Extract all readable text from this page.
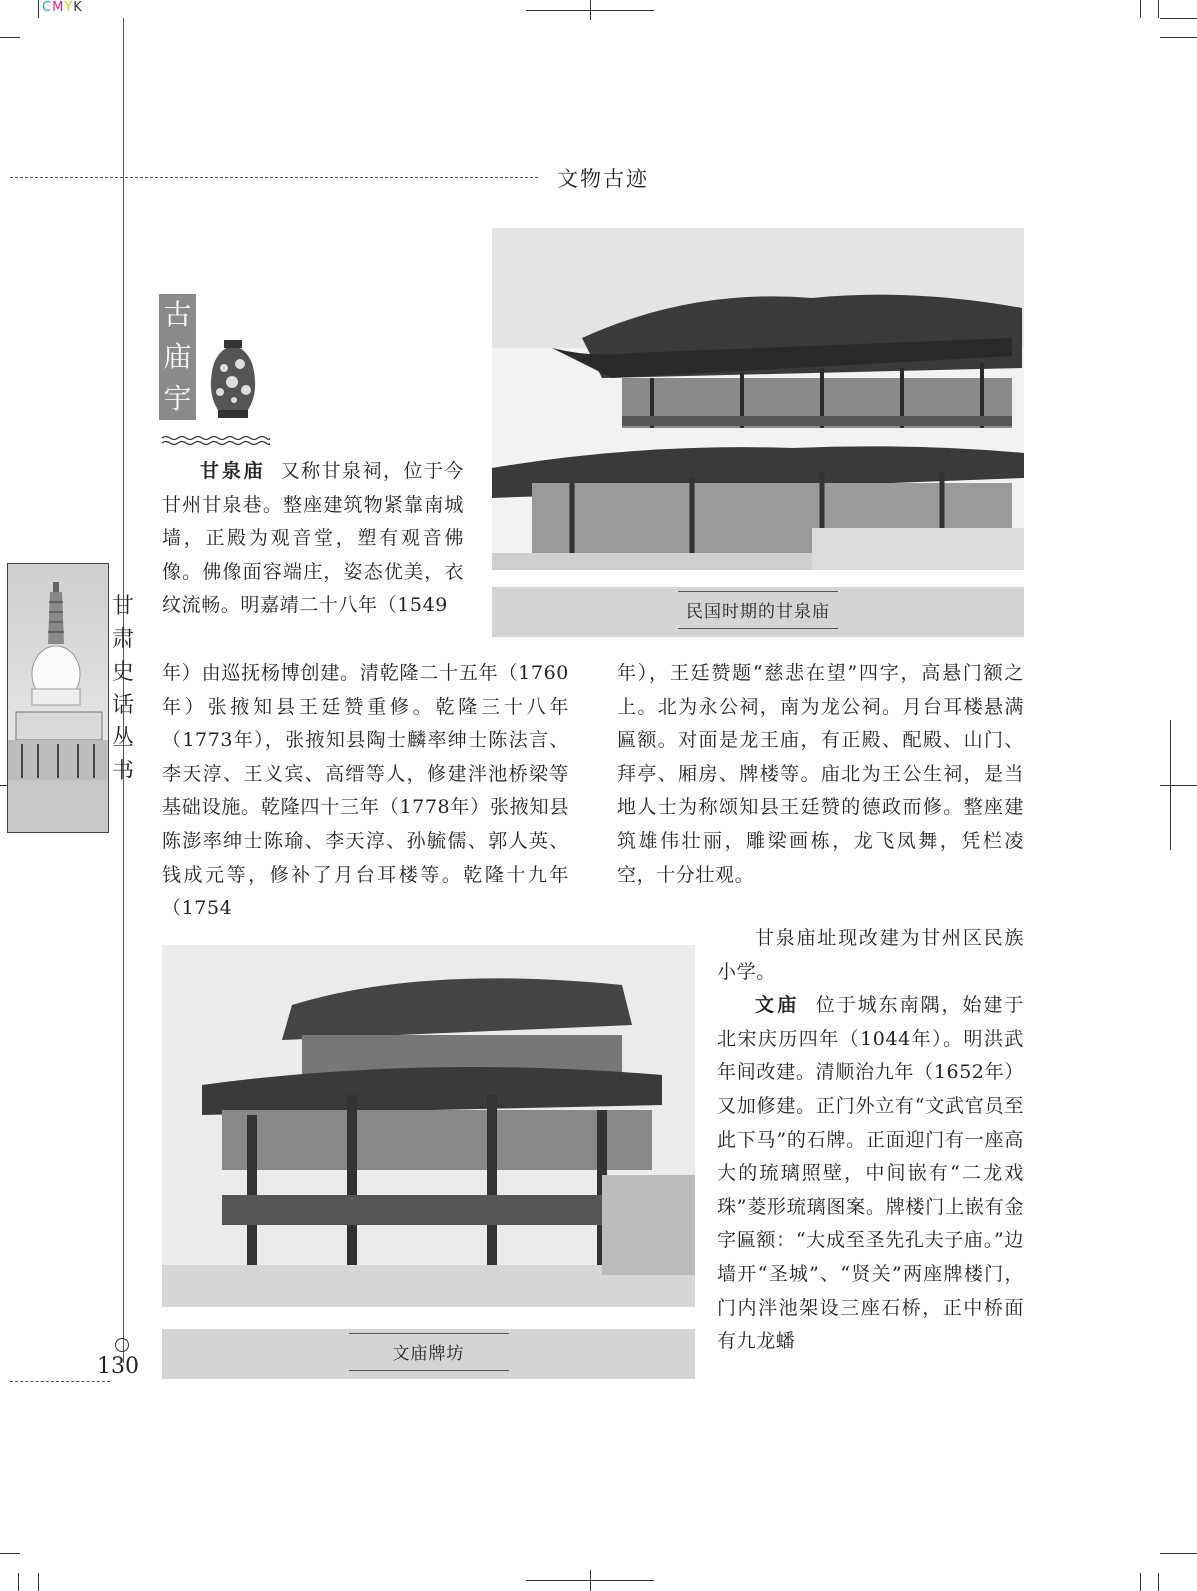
CMYK
文物古迹
甘
肃
史
话
丛
书
古
庙
宇
民国时期的甘泉庙
文庙牌坊

甘泉庙 又称甘泉祠，位于今甘州甘泉巷。整座建筑物紧靠南城墙，正殿为观音堂，塑有观音佛像。佛像面容端庄，姿态优美，衣纹流畅。明嘉靖二十八年（1549

年）由巡抚杨博创建。清乾隆二十五年（1760年）张掖知县王廷赞重修。乾隆三十八年（1773年），张掖知县陶士麟率绅士陈法言、李天淳、王义宾、高缙等人，修建泮池桥梁等基础设施。乾隆四十三年（1778年）张掖知县陈澎率绅士陈瑜、李天淳、孙毓儒、郭人英、钱成元等，修补了月台耳楼等。乾隆十九年（1754

年），王廷赞题“慈悲在望”四字，高悬门额之上。北为永公祠，南为龙公祠。月台耳楼悬满匾额。对面是龙王庙，有正殿、配殿、山门、拜亭、厢房、牌楼等。庙北为王公生祠，是当地人士为称颂知县王廷赞的德政而修。整座建筑雄伟壮丽，雕梁画栋，龙飞凤舞，凭栏凌空，十分壮观。

甘泉庙址现改建为甘州区民族小学。

文庙 位于城东南隅，始建于北宋庆历四年（1044年）。明洪武年间改建。清顺治九年（1652年）又加修建。正门外立有“文武官员至此下马”的石牌。正面迎门有一座高大的琉璃照壁，中间嵌有“二龙戏珠”菱形琉璃图案。牌楼门上嵌有金字匾额：“大成至圣先孔夫子庙。”边墙开“圣城”、“贤关”两座牌楼门，门内泮池架设三座石桥，正中桥面有九龙蟠

130
